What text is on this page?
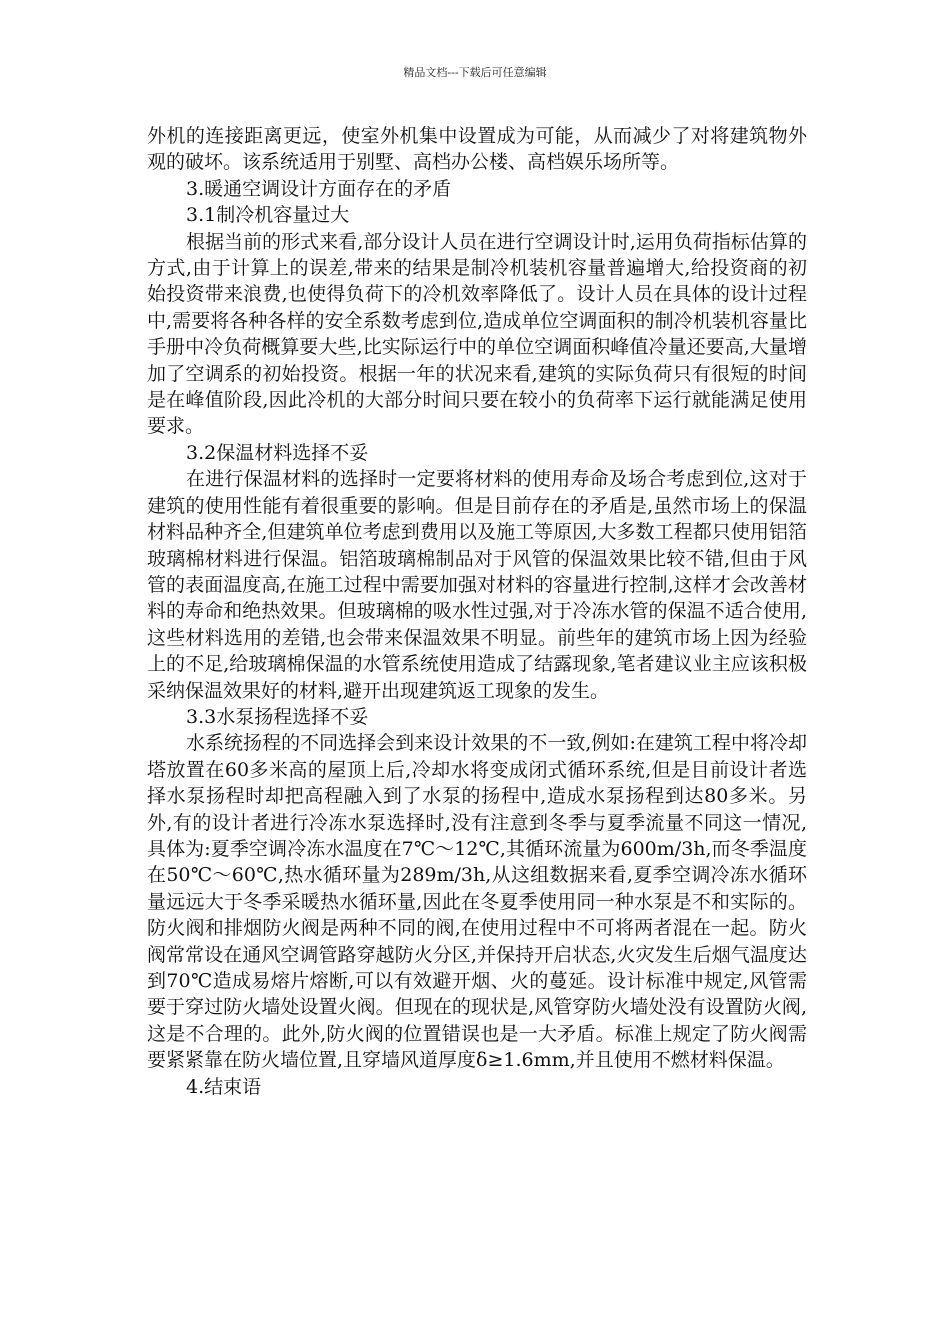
精品文档---下载后可任意编辑

外机的连接距离更远，使室外机集中设置成为可能，从而减少了对将建筑物外观的破坏。该系统适用于别墅、高档办公楼、高档娱乐场所等。

3.暖通空调设计方面存在的矛盾

3.1制冷机容量过大

根据当前的形式来看,部分设计人员在进行空调设计时,运用负荷指标估算的方式,由于计算上的误差,带来的结果是制冷机装机容量普遍增大,给投资商的初始投资带来浪费,也使得负荷下的冷机效率降低了。设计人员在具体的设计过程中,需要将各种各样的安全系数考虑到位,造成单位空调面积的制冷机装机容量比手册中冷负荷概算要大些,比实际运行中的单位空调面积峰值冷量还要高,大量增加了空调系的初始投资。根据一年的状况来看,建筑的实际负荷只有很短的时间是在峰值阶段,因此冷机的大部分时间只要在较小的负荷率下运行就能满足使用要求。

3.2保温材料选择不妥

在进行保温材料的选择时一定要将材料的使用寿命及场合考虑到位,这对于建筑的使用性能有着很重要的影响。但是目前存在的矛盾是,虽然市场上的保温材料品种齐全,但建筑单位考虑到费用以及施工等原因,大多数工程都只使用铝箔玻璃棉材料进行保温。铝箔玻璃棉制品对于风管的保温效果比较不错,但由于风管的表面温度高,在施工过程中需要加强对材料的容量进行控制,这样才会改善材料的寿命和绝热效果。但玻璃棉的吸水性过强,对于冷冻水管的保温不适合使用,这些材料选用的差错,也会带来保温效果不明显。前些年的建筑市场上因为经验上的不足,给玻璃棉保温的水管系统使用造成了结露现象,笔者建议业主应该积极采纳保温效果好的材料,避开出现建筑返工现象的发生。

3.3水泵扬程选择不妥

水系统扬程的不同选择会到来设计效果的不一致,例如:在建筑工程中将冷却塔放置在60多米高的屋顶上后,冷却水将变成闭式循环系统,但是目前设计者选择水泵扬程时却把高程融入到了水泵的扬程中,造成水泵扬程到达80多米。另外,有的设计者进行冷冻水泵选择时,没有注意到冬季与夏季流量不同这一情况,具体为:夏季空调冷冻水温度在7℃～12℃,其循环流量为600m/3h,而冬季温度在50℃～60℃,热水循环量为289m/3h,从这组数据来看,夏季空调冷冻水循环量远远大于冬季采暖热水循环量,因此在冬夏季使用同一种水泵是不和实际的。防火阀和排烟防火阀是两种不同的阀,在使用过程中不可将两者混在一起。防火阀常常设在通风空调管路穿越防火分区,并保持开启状态,火灾发生后烟气温度达到70℃造成易熔片熔断,可以有效避开烟、火的蔓延。设计标准中规定,风管需要于穿过防火墙处设置火阀。但现在的现状是,风管穿防火墙处没有设置防火阀,这是不合理的。此外,防火阀的位置错误也是一大矛盾。标准上规定了防火阀需要紧紧靠在防火墙位置,且穿墙风道厚度δ≥1.6mm,并且使用不燃材料保温。

4.结束语
